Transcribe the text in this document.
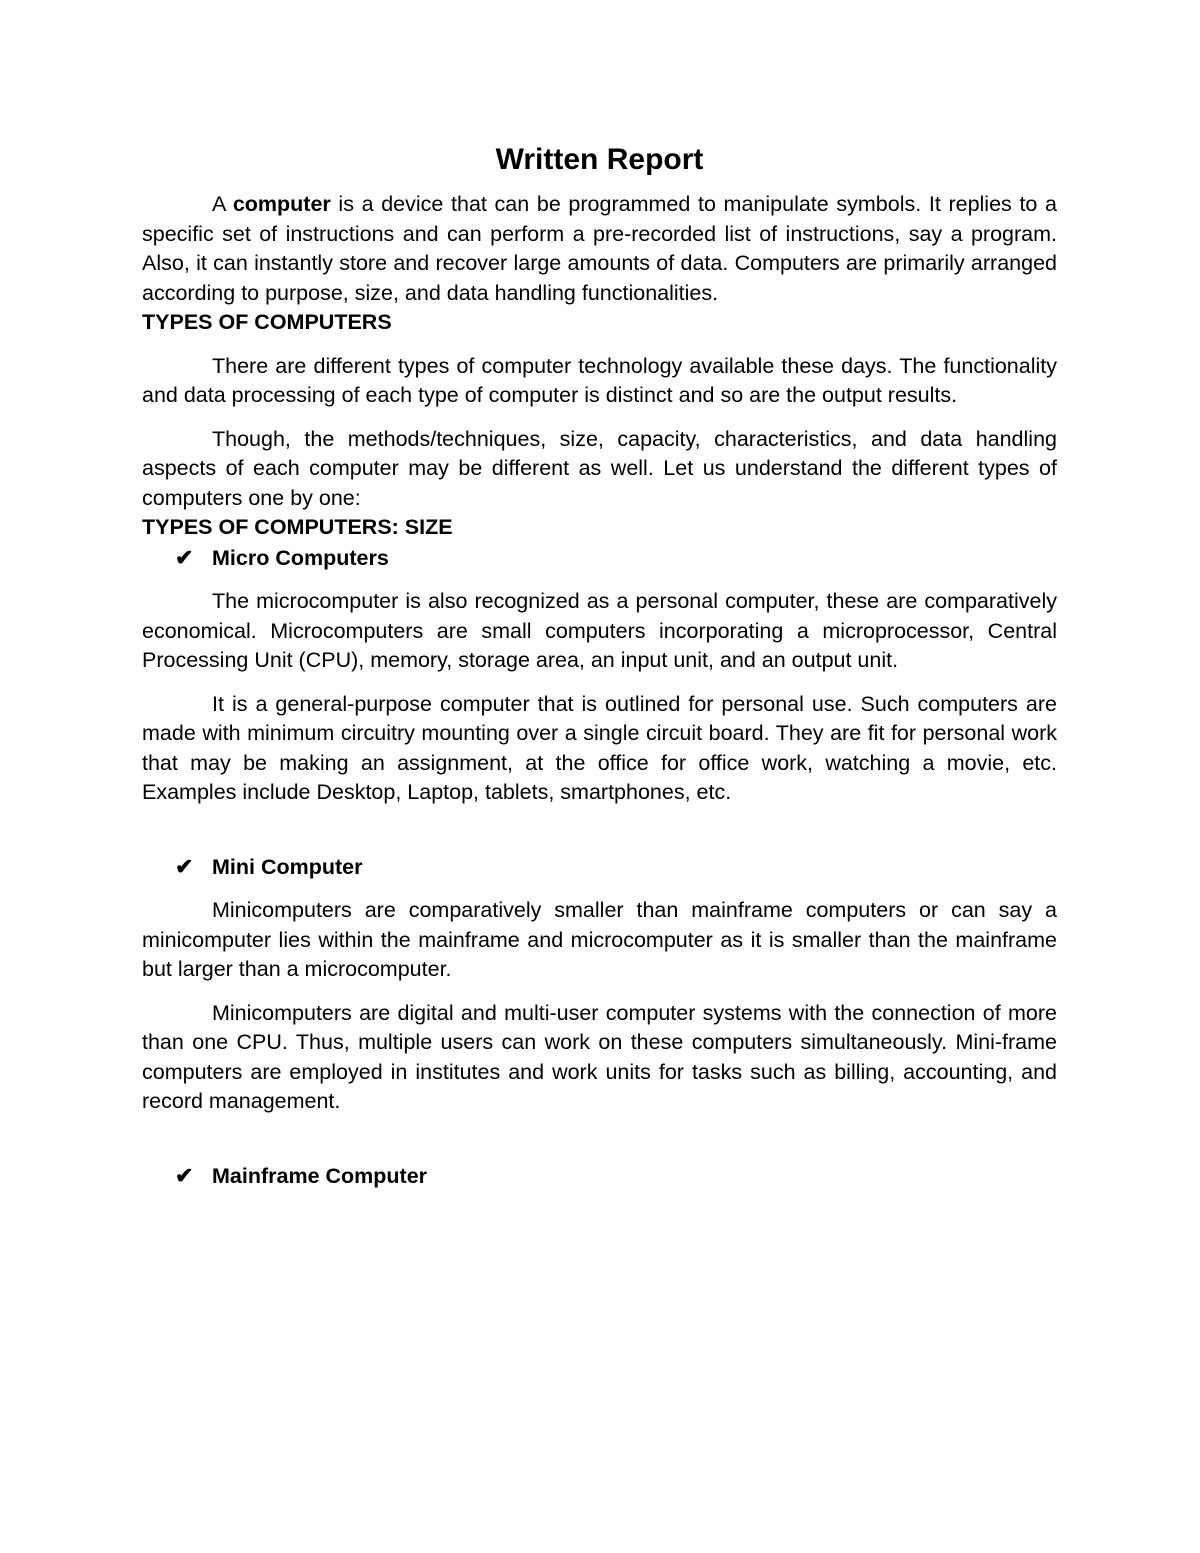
Written Report

A computer is a device that can be programmed to manipulate symbols. It replies to a specific set of instructions and can perform a pre-recorded list of instructions, say a program. Also, it can instantly store and recover large amounts of data. Computers are primarily arranged according to purpose, size, and data handling functionalities.

TYPES OF COMPUTERS

There are different types of computer technology available these days. The functionality and data processing of each type of computer is distinct and so are the output results.

Though, the methods/techniques, size, capacity, characteristics, and data handling aspects of each computer may be different as well. Let us understand the different types of computers one by one:

TYPES OF COMPUTERS: SIZE
✔ Micro Computers

The microcomputer is also recognized as a personal computer, these are comparatively economical. Microcomputers are small computers incorporating a microprocessor, Central Processing Unit (CPU), memory, storage area, an input unit, and an output unit.

It is a general-purpose computer that is outlined for personal use. Such computers are made with minimum circuitry mounting over a single circuit board. They are fit for personal work that may be making an assignment, at the office for office work, watching a movie, etc. Examples include Desktop, Laptop, tablets, smartphones, etc.

✔ Mini Computer

Minicomputers are comparatively smaller than mainframe computers or can say a minicomputer lies within the mainframe and microcomputer as it is smaller than the mainframe but larger than a microcomputer.

Minicomputers are digital and multi-user computer systems with the connection of more than one CPU. Thus, multiple users can work on these computers simultaneously. Mini-frame computers are employed in institutes and work units for tasks such as billing, accounting, and record management.

✔ Mainframe Computer
